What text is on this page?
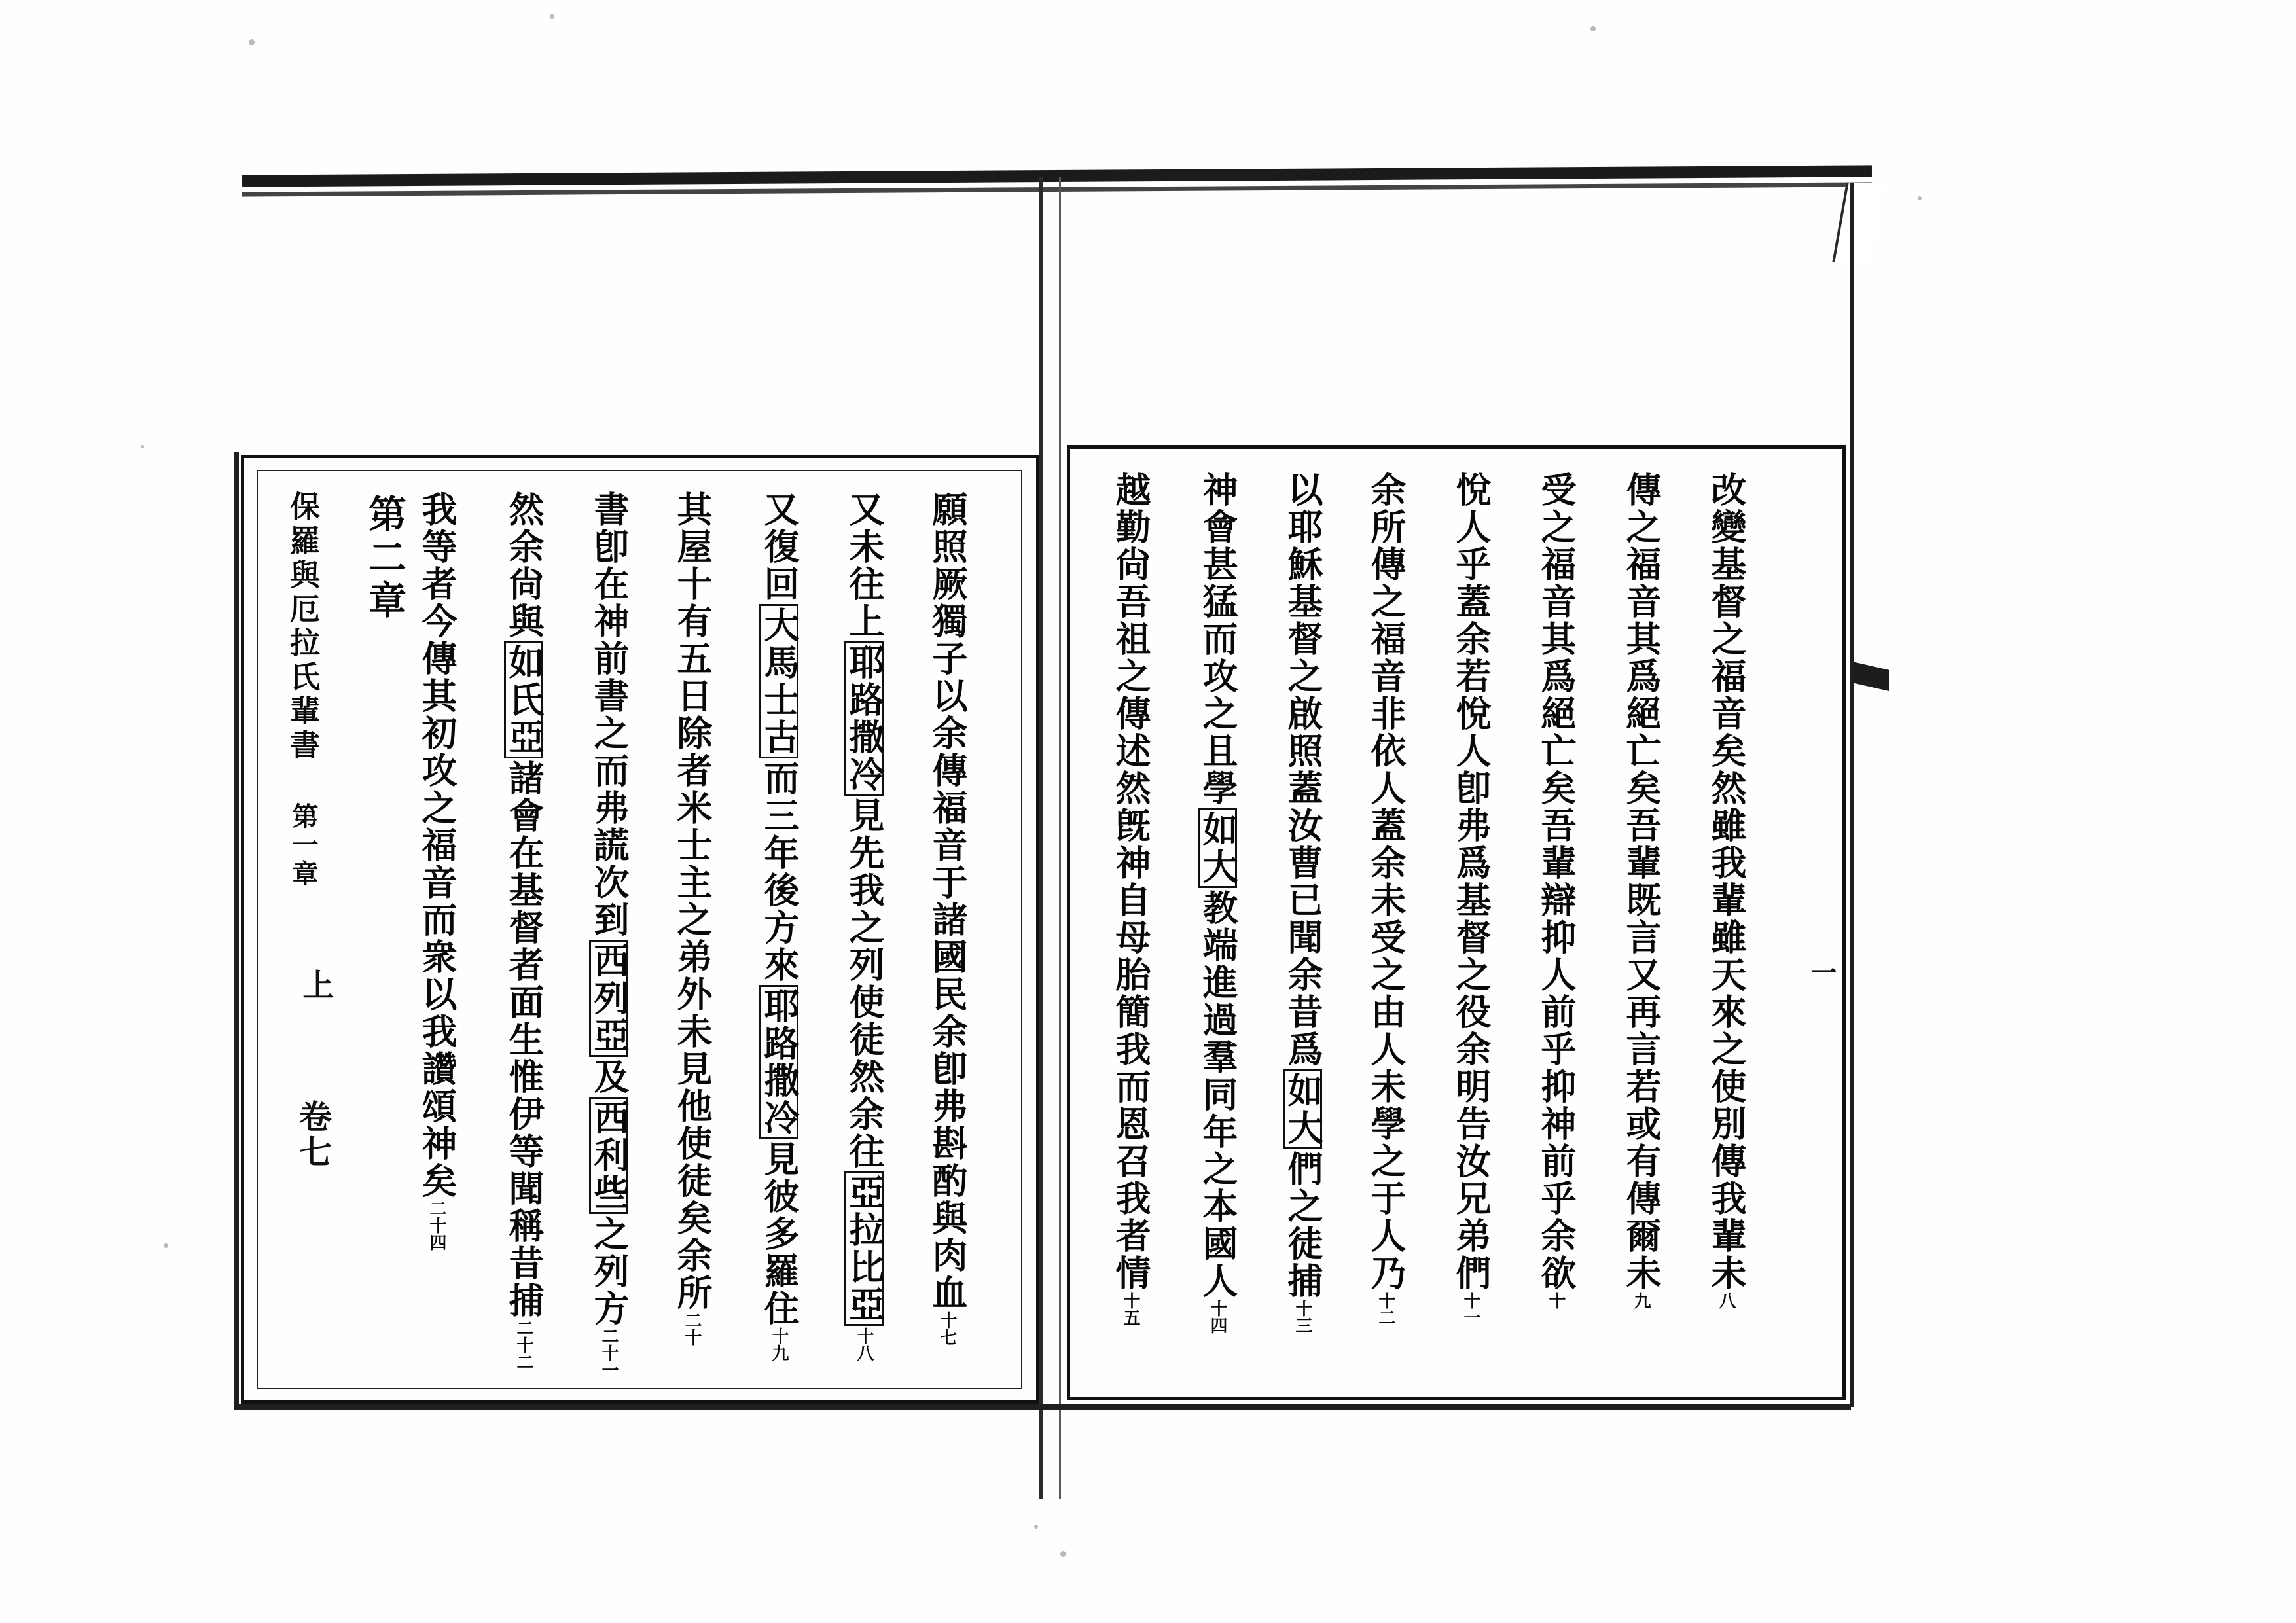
改變基督之福音矣然雖我輩雖天來之使別傳我輩未八
傳之福音其爲絕亡矣吾輩既言又再言若或有傳爾未九
受之福音其爲絕亡矣吾輩辯抑人前乎抑神前乎余欲十
悅人乎蓋余若悅人卽弗爲基督之役余明告汝兄弟們十一
余所傳之福音非依人蓋余未受之由人未學之于人乃十二
以耶穌基督之啟照蓋汝曹已聞余昔爲如大們之徒捕十三
神會甚猛而攻之且學如大教端進過羣同年之本國人十四
越勤尙吾祖之傳述然旣神自母胎簡我而恩召我者情十五
一
保羅與厄拉氏輩書 第一章
第二章
上
卷七	願照厥獨子以余傳福音于諸國民余卽弗斟酌與肉血十七
又未往上耶路撒冷見先我之列使徒然余往亞拉比亞十八
又復回大馬士古而三年後方來耶路撒冷見彼多羅住十九
其屋十有五日除者米士主之弟外未見他使徒矣余所二十
書卽在神前書之而弗謊次到西列亞及西利些之列方二十一
然余尙與如氏亞諸會在基督者面生惟伊等聞稱昔捕二十二
我等者今傳其初攻之福音而衆以我讚頌神矣二十四
